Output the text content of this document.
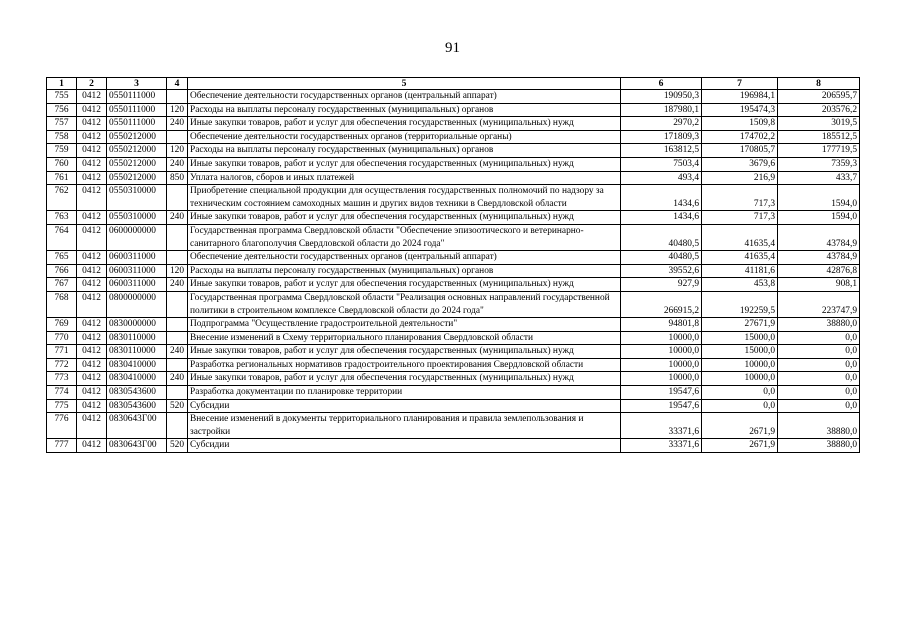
91
1	2	3	4	5	6	7	8
755	0412	0550111000		Обеспечение деятельности государственных органов (центральный аппарат)	190950,3	196984,1	206595,7
756	0412	0550111000	120	Расходы на выплаты персоналу государственных (муниципальных) органов	187980,1	195474,3	203576,2
757	0412	0550111000	240	Иные закупки товаров, работ и услуг для обеспечения государственных (муниципальных) нужд	2970,2	1509,8	3019,5
758	0412	0550212000		Обеспечение деятельности государственных органов (территориальные органы)	171809,3	174702,2	185512,5
759	0412	0550212000	120	Расходы на выплаты персоналу государственных (муниципальных) органов	163812,5	170805,7	177719,5
760	0412	0550212000	240	Иные закупки товаров, работ и услуг для обеспечения государственных (муниципальных) нужд	7503,4	3679,6	7359,3
761	0412	0550212000	850	Уплата налогов, сборов и иных платежей	493,4	216,9	433,7
762	0412	0550310000		Приобретение специальной продукции для осуществления государственных полномочий по надзору за техническим состоянием самоходных машин и других видов техники в Свердловской области	1434,6	717,3	1594,0
763	0412	0550310000	240	Иные закупки товаров, работ и услуг для обеспечения государственных (муниципальных) нужд	1434,6	717,3	1594,0
764	0412	0600000000		Государственная программа Свердловской области "Обеспечение эпизоотического и ветеринарно-санитарного благополучия Свердловской области до 2024 года"	40480,5	41635,4	43784,9
765	0412	0600311000		Обеспечение деятельности государственных органов (центральный аппарат)	40480,5	41635,4	43784,9
766	0412	0600311000	120	Расходы на выплаты персоналу государственных (муниципальных) органов	39552,6	41181,6	42876,8
767	0412	0600311000	240	Иные закупки товаров, работ и услуг для обеспечения государственных (муниципальных) нужд	927,9	453,8	908,1
768	0412	0800000000		Государственная программа Свердловской области "Реализация основных направлений государственной политики в строительном комплексе Свердловской области до 2024 года"	266915,2	192259,5	223747,9
769	0412	0830000000		Подпрограмма "Осуществление градостроительной деятельности"	94801,8	27671,9	38880,0
770	0412	0830110000		Внесение изменений в Схему территориального планирования Свердловской области	10000,0	15000,0	0,0
771	0412	0830110000	240	Иные закупки товаров, работ и услуг для обеспечения государственных (муниципальных) нужд	10000,0	15000,0	0,0
772	0412	0830410000		Разработка региональных нормативов градостроительного проектирования Свердловской области	10000,0	10000,0	0,0
773	0412	0830410000	240	Иные закупки товаров, работ и услуг для обеспечения государственных (муниципальных) нужд	10000,0	10000,0	0,0
774	0412	0830543600		Разработка документации по планировке территории	19547,6	0,0	0,0
775	0412	0830543600	520	Субсидии	19547,6	0,0	0,0
776	0412	0830643Г00		Внесение изменений в документы территориального планирования и правила землепользования и застройки	33371,6	2671,9	38880,0
777	0412	0830643Г00	520	Субсидии	33371,6	2671,9	38880,0
